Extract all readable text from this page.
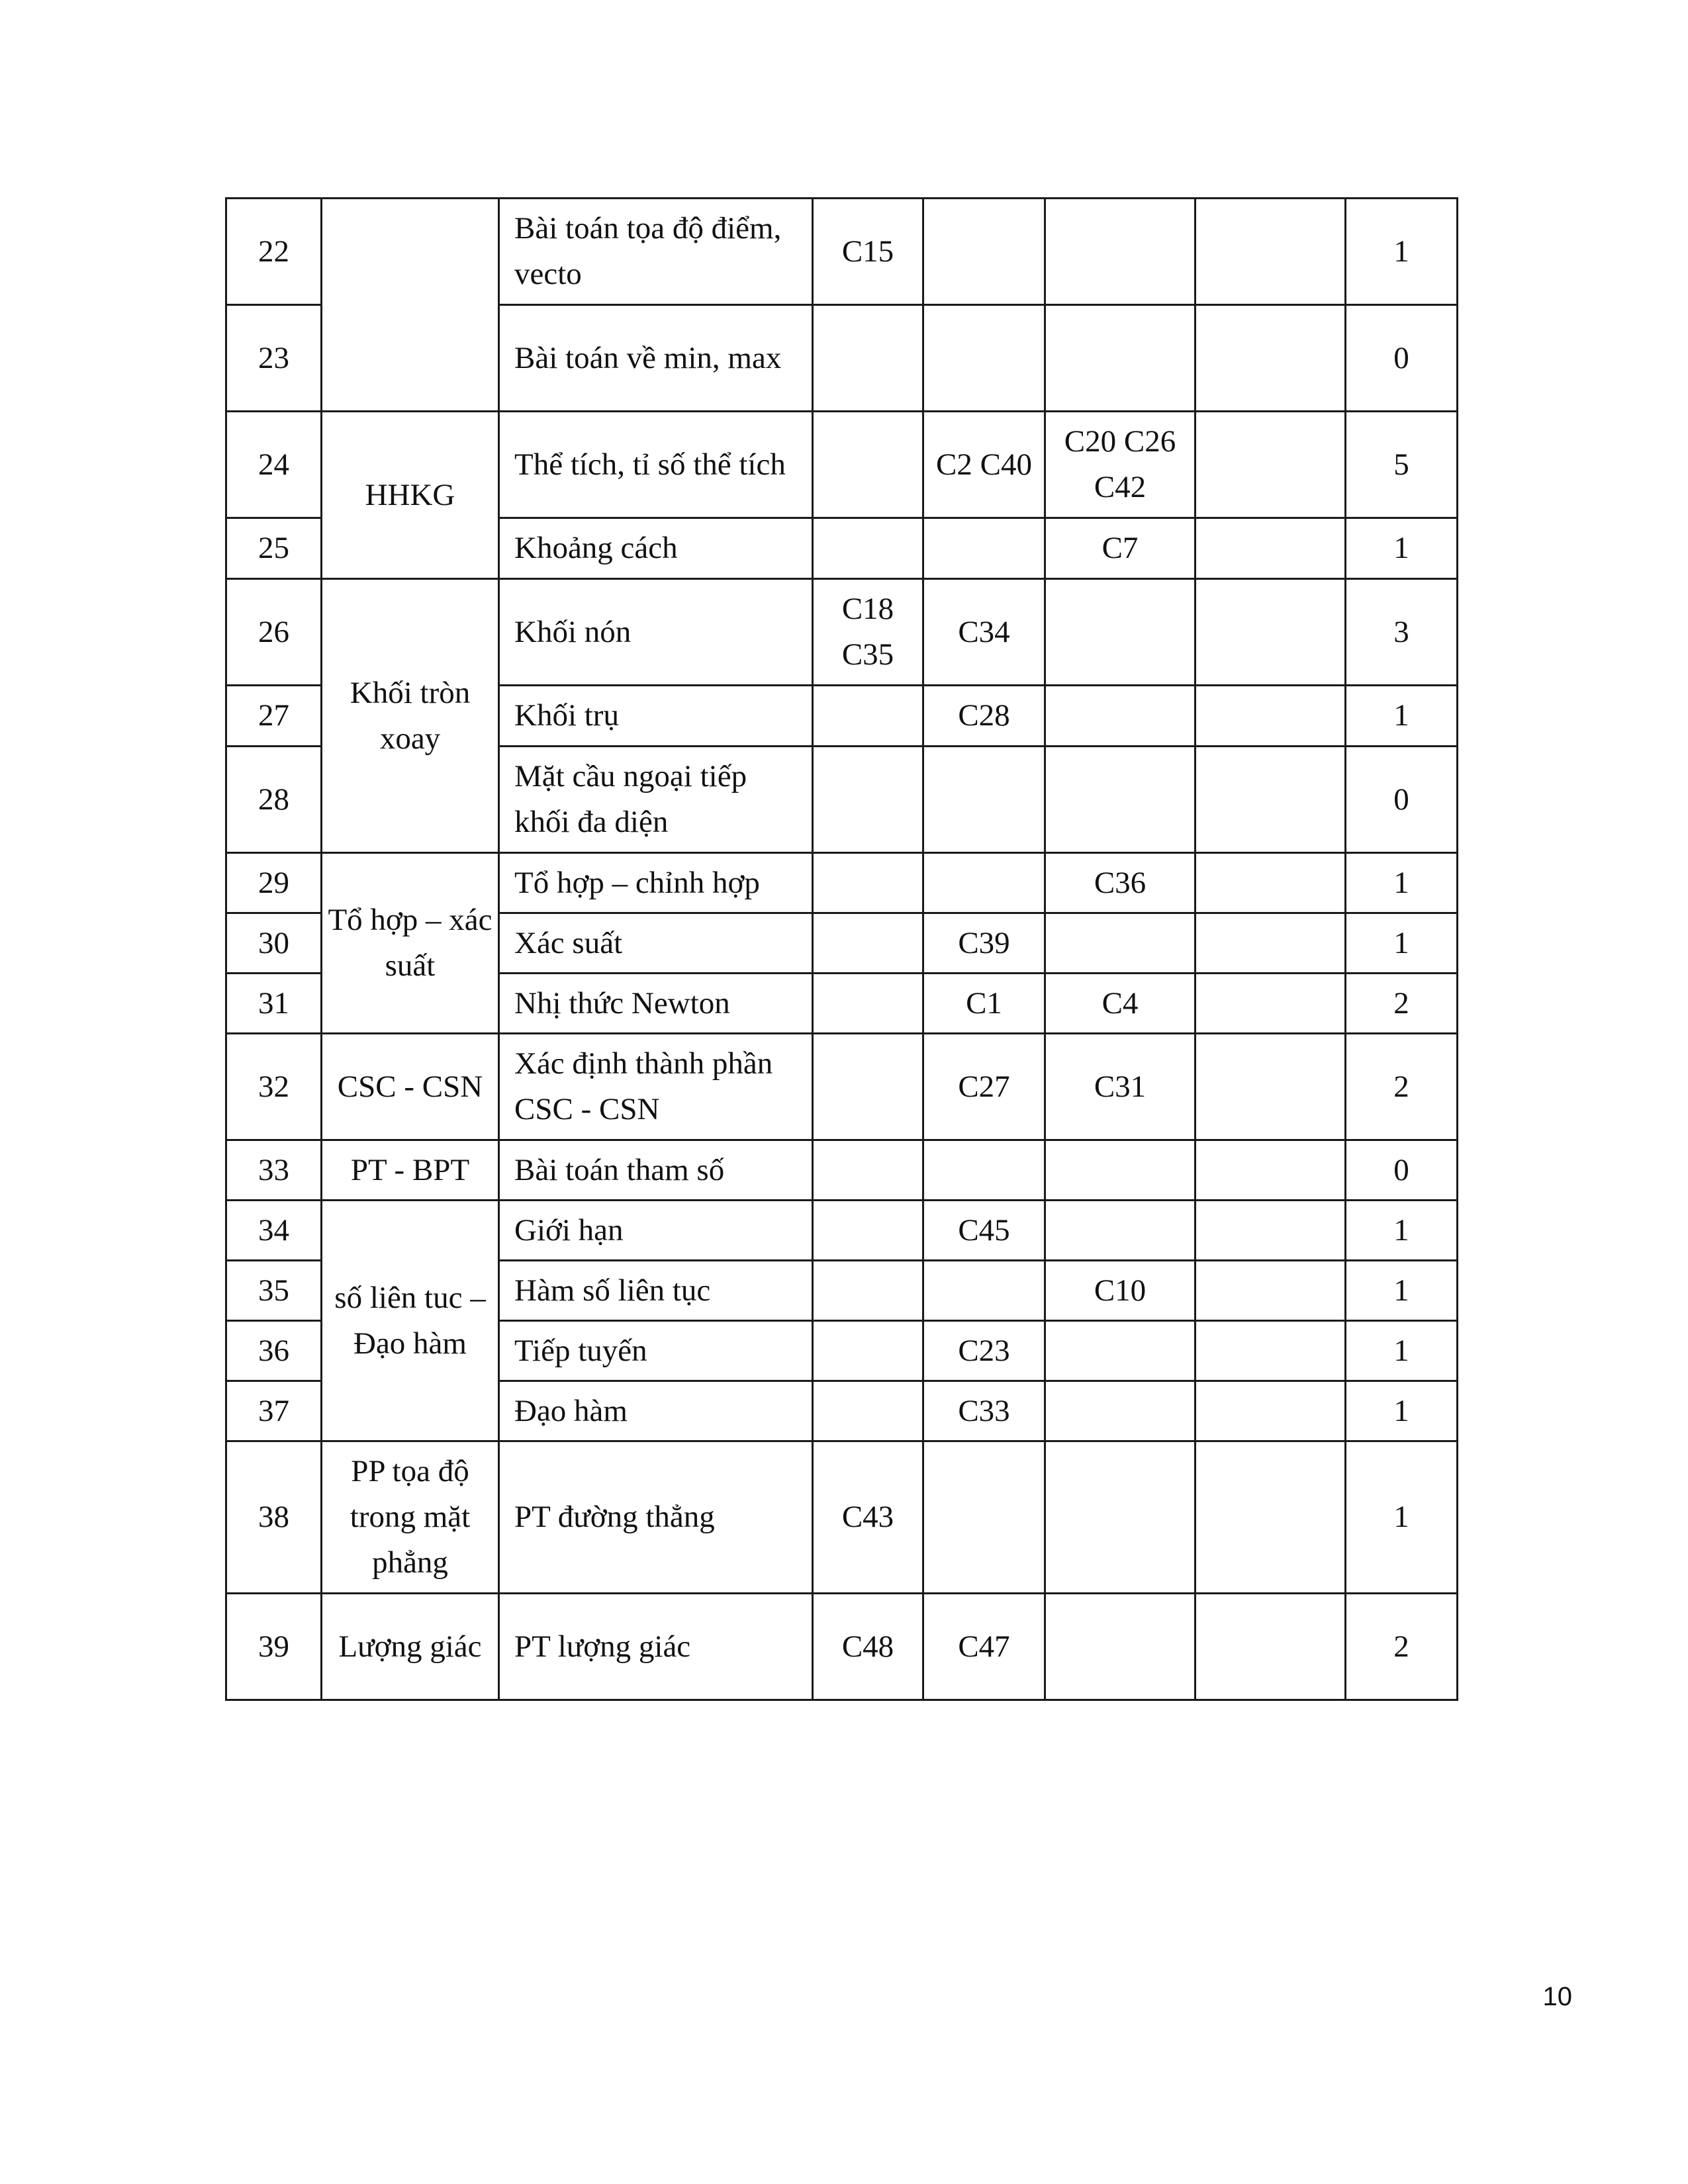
22		Bài toán tọa độ điểm, vecto	C15				1
23		Bài toán về min, max					0
24	HHKG	Thể tích, tỉ số thể tích		C2 C40	C20 C26 C42		5
25		Khoảng cách			C7		1
26	Khối tròn xoay	Khối nón	C18 C35	C34			3
27		Khối trụ		C28			1
28		Mặt cầu ngoại tiếp khối đa diện					0
29	Tổ hợp – xác suất	Tổ hợp – chỉnh hợp			C36		1
30		Xác suất		C39			1
31		Nhị thức Newton		C1	C4		2
32	CSC - CSN	Xác định thành phần CSC - CSN		C27	C31		2
33	PT - BPT	Bài toán tham số					0
34	số liên tuc – Đạo hàm	Giới hạn		C45			1
35		Hàm số liên tục			C10		1
36		Tiếp tuyến		C23			1
37		Đạo hàm		C33			1
38	PP tọa độ trong mặt phẳng	PT đường thẳng	C43				1
39	Lượng giác	PT lượng giác	C48	C47			2
10
